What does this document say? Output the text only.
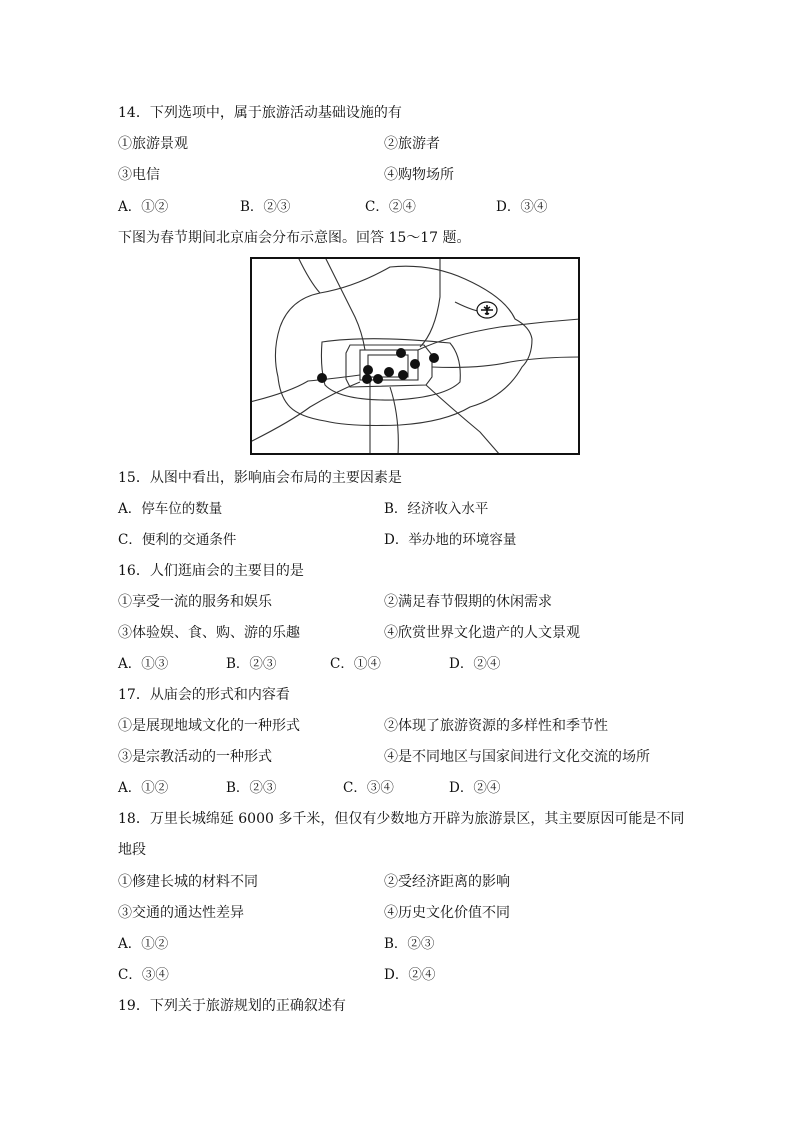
14．下列选项中，属于旅游活动基础设施的有
①旅游景观	②旅游者
③电信	④购物场所
A．①②	B．②③	C．②④	D．③④
下图为春节期间北京庙会分布示意图。回答 15～17 题。
15．从图中看出，影响庙会布局的主要因素是
A．停车位的数量	B．经济收入水平
C．便利的交通条件	D．举办地的环境容量
16．人们逛庙会的主要目的是
①享受一流的服务和娱乐	②满足春节假期的休闲需求
③体验娱、食、购、游的乐趣	④欣赏世界文化遗产的人文景观
A．①③	B．②③	C．①④	D．②④
17．从庙会的形式和内容看
①是展现地域文化的一种形式	②体现了旅游资源的多样性和季节性
③是宗教活动的一种形式	④是不同地区与国家间进行文化交流的场所
A．①②	B．②③	C．③④	D．②④
18．万里长城绵延 6000 多千米，但仅有少数地方开辟为旅游景区，其主要原因可能是不同
地段
①修建长城的材料不同	②受经济距离的影响
③交通的通达性差异	④历史文化价值不同
A．①②	B．②③
C．③④	D．②④
19．下列关于旅游规划的正确叙述有
